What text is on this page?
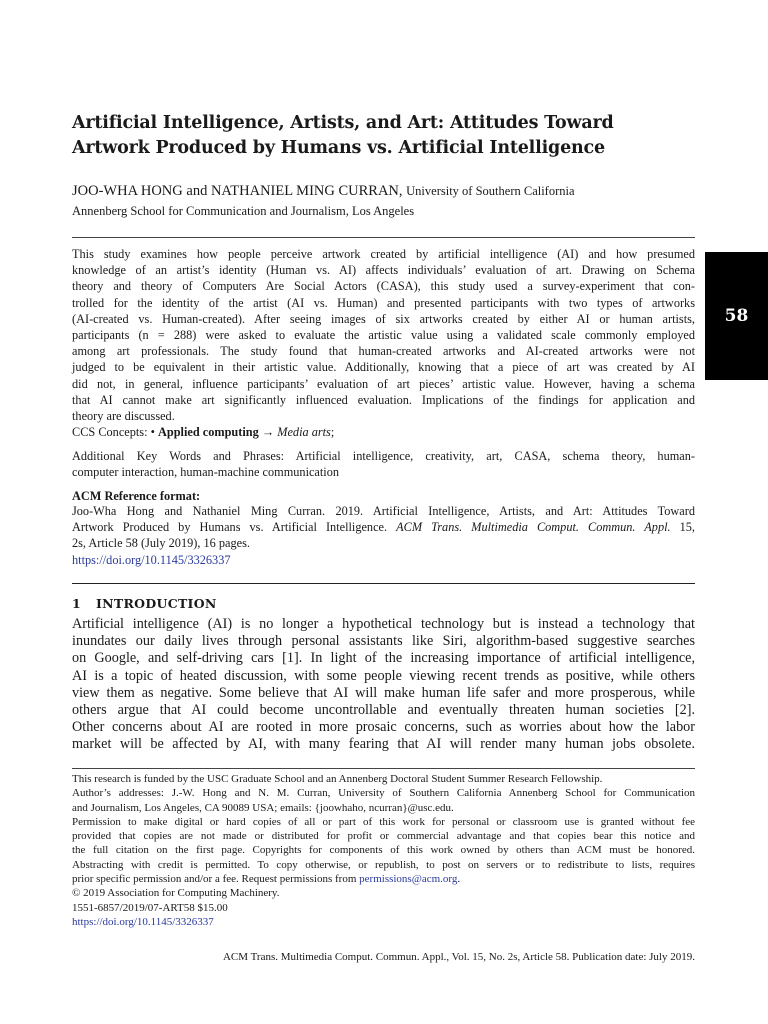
58
Artificial Intelligence, Artists, and Art: Attitudes Toward
Artwork Produced by Humans vs. Artificial Intelligence
JOO-WHA HONG and NATHANIEL MING CURRAN, University of Southern California
Annenberg School for Communication and Journalism, Los Angeles
This study examines how people perceive artwork created by artificial intelligence (AI) and how presumed
knowledge of an artist’s identity (Human vs. AI) affects individuals’ evaluation of art. Drawing on Schema
theory and theory of Computers Are Social Actors (CASA), this study used a survey-experiment that con-
trolled for the identity of the artist (AI vs. Human) and presented participants with two types of artworks
(AI-created vs. Human-created). After seeing images of six artworks created by either AI or human artists,
participants (n = 288) were asked to evaluate the artistic value using a validated scale commonly employed
among art professionals. The study found that human-created artworks and AI-created artworks were not
judged to be equivalent in their artistic value. Additionally, knowing that a piece of art was created by AI
did not, in general, influence participants’ evaluation of art pieces’ artistic value. However, having a schema
that AI cannot make art significantly influenced evaluation. Implications of the findings for application and
theory are discussed.
CCS Concepts: • Applied computing → Media arts;
Additional Key Words and Phrases: Artificial intelligence, creativity, art, CASA, schema theory, human-
computer interaction, human-machine communication
ACM Reference format:
Joo-Wha Hong and Nathaniel Ming Curran. 2019. Artificial Intelligence, Artists, and Art: Attitudes Toward
Artwork Produced by Humans vs. Artificial Intelligence. ACM Trans. Multimedia Comput. Commun. Appl. 15,
2s, Article 58 (July 2019), 16 pages.
https://doi.org/10.1145/3326337
1 INTRODUCTION
Artificial intelligence (AI) is no longer a hypothetical technology but is instead a technology that
inundates our daily lives through personal assistants like Siri, algorithm-based suggestive searches
on Google, and self-driving cars [1]. In light of the increasing importance of artificial intelligence,
AI is a topic of heated discussion, with some people viewing recent trends as positive, while others
view them as negative. Some believe that AI will make human life safer and more prosperous, while
others argue that AI could become uncontrollable and eventually threaten human societies [2].
Other concerns about AI are rooted in more prosaic concerns, such as worries about how the labor
market will be affected by AI, with many fearing that AI will render many human jobs obsolete.
This research is funded by the USC Graduate School and an Annenberg Doctoral Student Summer Research Fellowship.
Author’s addresses: J.-W. Hong and N. M. Curran, University of Southern California Annenberg School for Communication
and Journalism, Los Angeles, CA 90089 USA; emails: {joowhaho, ncurran}@usc.edu.
Permission to make digital or hard copies of all or part of this work for personal or classroom use is granted without fee
provided that copies are not made or distributed for profit or commercial advantage and that copies bear this notice and
the full citation on the first page. Copyrights for components of this work owned by others than ACM must be honored.
Abstracting with credit is permitted. To copy otherwise, or republish, to post on servers or to redistribute to lists, requires
prior specific permission and/or a fee. Request permissions from permissions@acm.org.
© 2019 Association for Computing Machinery.
1551-6857/2019/07-ART58 $15.00
https://doi.org/10.1145/3326337
ACM Trans. Multimedia Comput. Commun. Appl., Vol. 15, No. 2s, Article 58. Publication date: July 2019.
